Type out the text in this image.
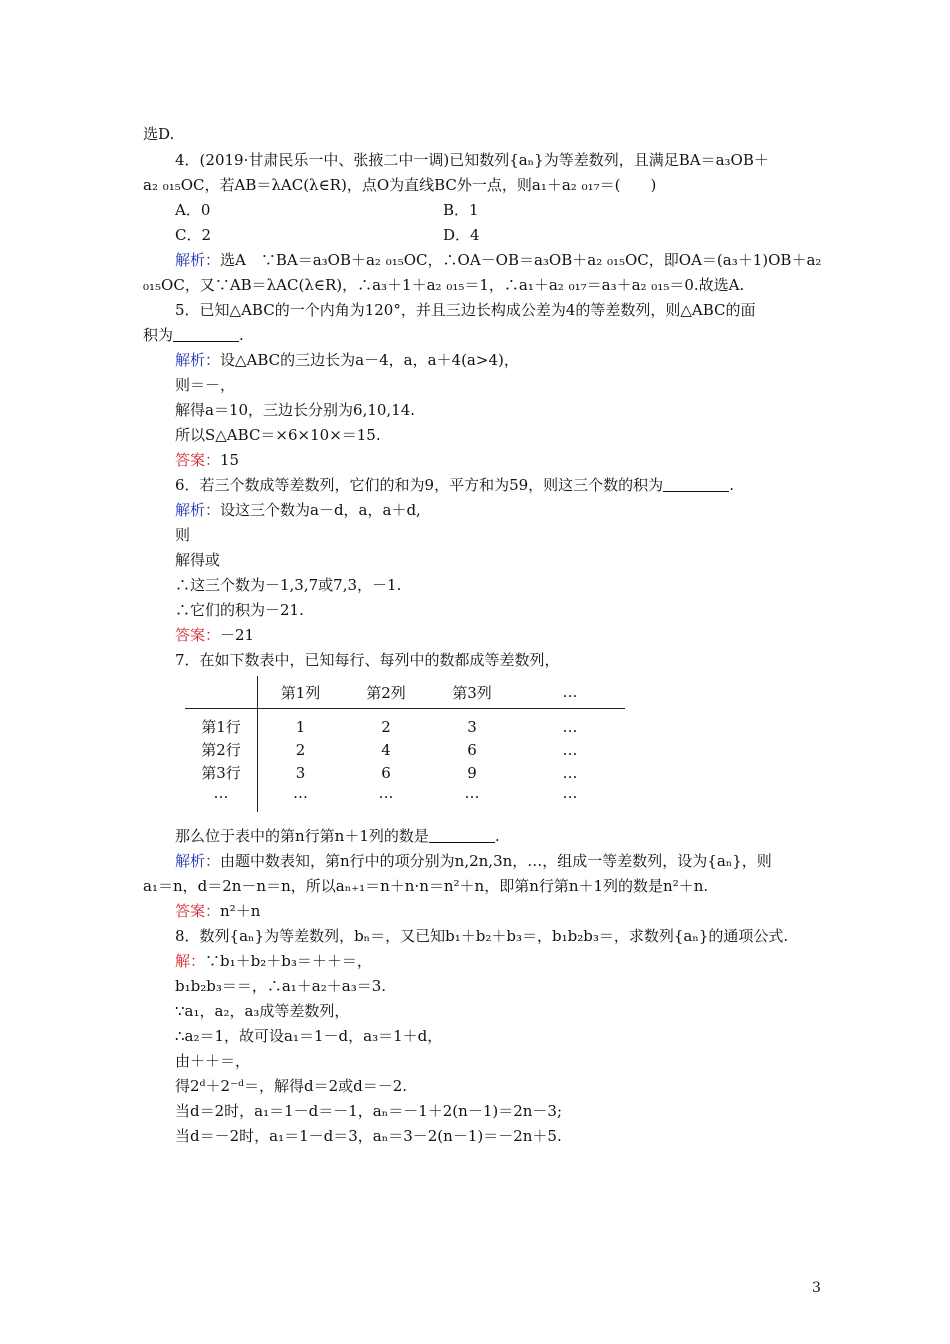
选D.
4．(2019·甘肃民乐一中、张掖二中一调)已知数列{aₙ}为等差数列，且满足BA＝a₃OB＋
a₂ ₀₁₅OC，若AB＝λAC(λ∈R)，点O为直线BC外一点，则a₁＋a₂ ₀₁₇＝(　　)
A．0	B．1
C．2	D．4
解析：选A　∵BA＝a₃OB＋a₂ ₀₁₅OC，∴OA－OB＝a₃OB＋a₂ ₀₁₅OC，即OA＝(a₃＋1)OB＋a₂
₀₁₅OC，又∵AB＝λAC(λ∈R)，∴a₃＋1＋a₂ ₀₁₅＝1，∴a₁＋a₂ ₀₁₇＝a₃＋a₂ ₀₁₅＝0.故选A.
5．已知△ABC的一个内角为120°，并且三边长构成公差为4的等差数列，则△ABC的面
积为	.
解析：设△ABC的三边长为a－4，a，a＋4(a>4)，
则＝－，
解得a＝10，三边长分别为6,10,14.
所以S△ABC＝×6×10×＝15.
答案：15
6．若三个数成等差数列，它们的和为9，平方和为59，则这三个数的积为	.
解析：设这三个数为a－d，a，a＋d,
则
解得或
∴这三个数为－1,3,7或7,3，－1.
∴它们的积为－21.
答案：－21
7．在如下数表中，已知每行、每列中的数都成等差数列，
	第1列	第2列	第3列	…
第1行	1	2	3	…
第2行	2	4	6	…
第3行	3	6	9	…
…	…	…	…	…
那么位于表中的第n行第n＋1列的数是	.
解析：由题中数表知，第n行中的项分别为n,2n,3n，…，组成一等差数列，设为{aₙ}，则
a₁＝n，d＝2n－n＝n，所以aₙ₊₁＝n＋n·n＝n²＋n，即第n行第n＋1列的数是n²＋n.
答案：n²＋n
8．数列{aₙ}为等差数列，bₙ＝，又已知b₁＋b₂＋b₃＝，b₁b₂b₃＝，求数列{aₙ}的通项公式.
解：∵b₁＋b₂＋b₃＝＋＋＝，
b₁b₂b₃＝＝，∴a₁＋a₂＋a₃＝3.
∵a₁，a₂，a₃成等差数列，
∴a₂＝1，故可设a₁＝1－d，a₃＝1＋d，
由＋＋＝，
得2ᵈ＋2⁻ᵈ＝，解得d＝2或d＝－2.
当d＝2时，a₁＝1－d＝－1，aₙ＝－1＋2(n－1)＝2n－3;
当d＝－2时，a₁＝1－d＝3，aₙ＝3－2(n－1)＝－2n＋5.
3
